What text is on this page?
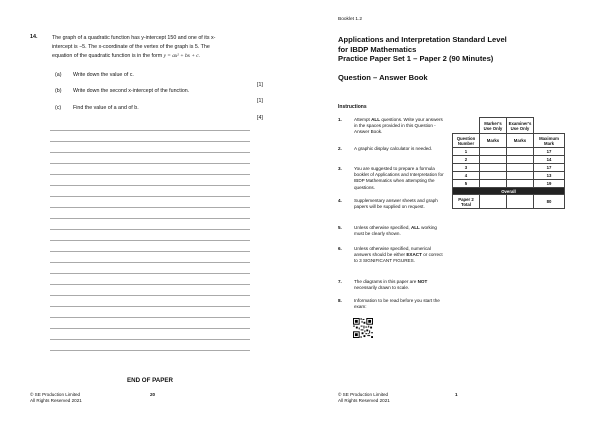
14.	The graph of a quadratic function has y-intercept 150 and one of its x-
intercept is −5. The x-coordinate of the vertex of the graph is 5. The
equation of the quadratic function is in the form y = ax² + bx + c.
(a) Write down the value of c.
[1]
(b) Write down the second x-intercept of the function.
[1]
(c) Find the value of a and of b.
[4]
END OF PAPER
© SE Production Limited
All Rights Reserved 2021
20
Booklet 1.2
Applications and Interpretation Standard Level
for IBDP Mathematics
Practice Paper Set 1 – Paper 2 (90 Minutes)
Question – Answer Book
Instructions
1.	Attempt ALL questions. Write your answers in the spaces provided in this Question - Answer Book.
2.	A graphic display calculator is needed.
3.	You are suggested to prepare a formula booklet of Applications and Interpretation for IBDP Mathematics when attempting the questions.
4.	Supplementary answer sheets and graph papers will be supplied on request.
5.	Unless otherwise specified, ALL working must be clearly shown.
6.	Unless otherwise specified, numerical answers should be either EXACT or correct to 3 SIGNIFICANT FIGURES.
7.	The diagrams in this paper are NOT necessarily drawn to scale.
8.	Information to be read before you start the exam:
	Marker's Use Only	Examiner's Use Only	
Question Number	Marks	Marks	Maximum Mark
1			17
2			14
3			17
4			13
5			19
Overall			

Paper 2
Total			80
© SE Production Limited
All Rights Reserved 2021
1
